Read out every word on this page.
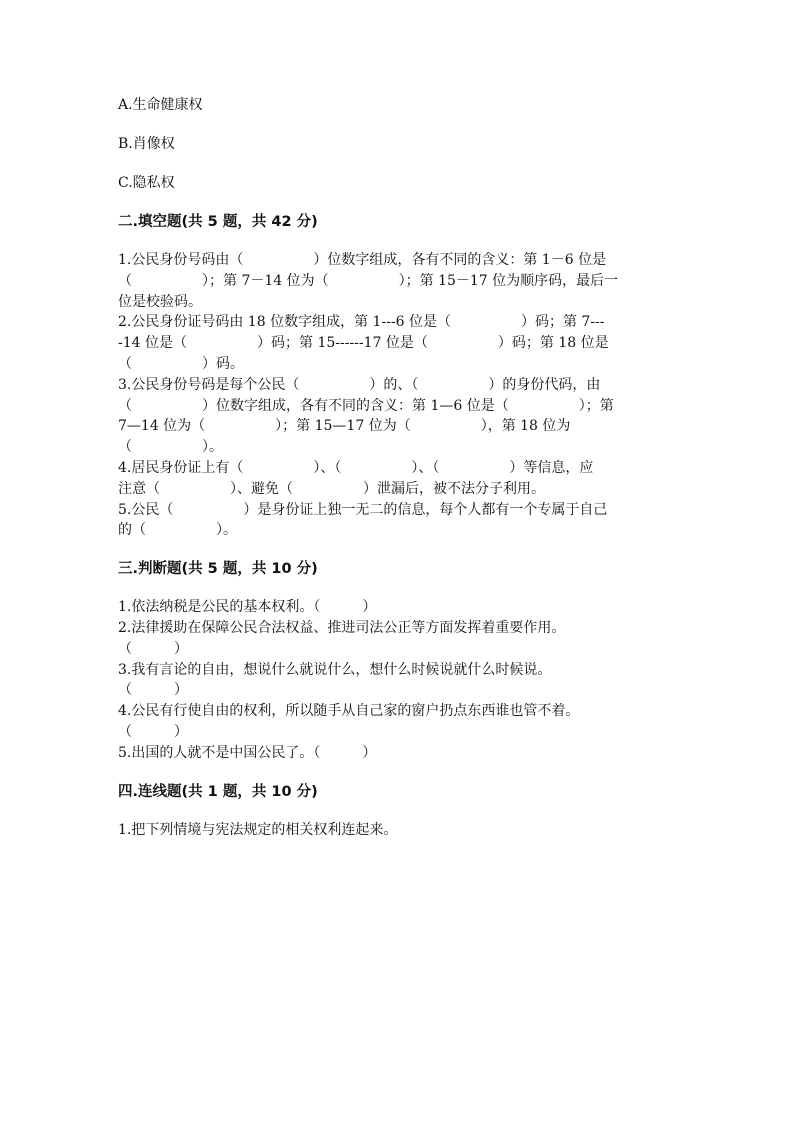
A.生命健康权
B.肖像权
C.隐私权
二.填空题(共 5 题，共 42 分)
1.公民身份号码由（　　　　　）位数字组成，各有不同的含义：第 1－6 位是
（　　　　　）；第 7－14 位为（　　　　　）；第 15－17 位为顺序码，最后一
位是校验码。
2.公民身份证号码由 18 位数字组成，第 1---6 位是（　　　　　）码；第 7---
-14 位是（　　　　　）码；第 15------17 位是（　　　　　）码；第 18 位是
（　　　　　）码。
3.公民身份号码是每个公民（　　　　　）的、（　　　　　）的身份代码，由
（　　　　　）位数字组成，各有不同的含义：第 1—6 位是（　　　　　）；第
7—14 位为（　　　　　）；第 15—17 位为（　　　　　），第 18 位为
（　　　　　）。
4.居民身份证上有（　　　　　）、（　　　　　）、（　　　　　）等信息，应
注意（　　　　　）、避免（　　　　　）泄漏后，被不法分子利用。
5.公民（　　　　　）是身份证上独一无二的信息，每个人都有一个专属于自己
的（　　　　　）。
三.判断题(共 5 题，共 10 分)
1.依法纳税是公民的基本权利。（　　　）
2.法律援助在保障公民合法权益、推进司法公正等方面发挥着重要作用。
（　　　）
3.我有言论的自由，想说什么就说什么，想什么时候说就什么时候说。
（　　　）
4.公民有行使自由的权利，所以随手从自己家的窗户扔点东西谁也管不着。
（　　　）
5.出国的人就不是中国公民了。（　　　）
四.连线题(共 1 题，共 10 分)
1.把下列情境与宪法规定的相关权利连起来。
